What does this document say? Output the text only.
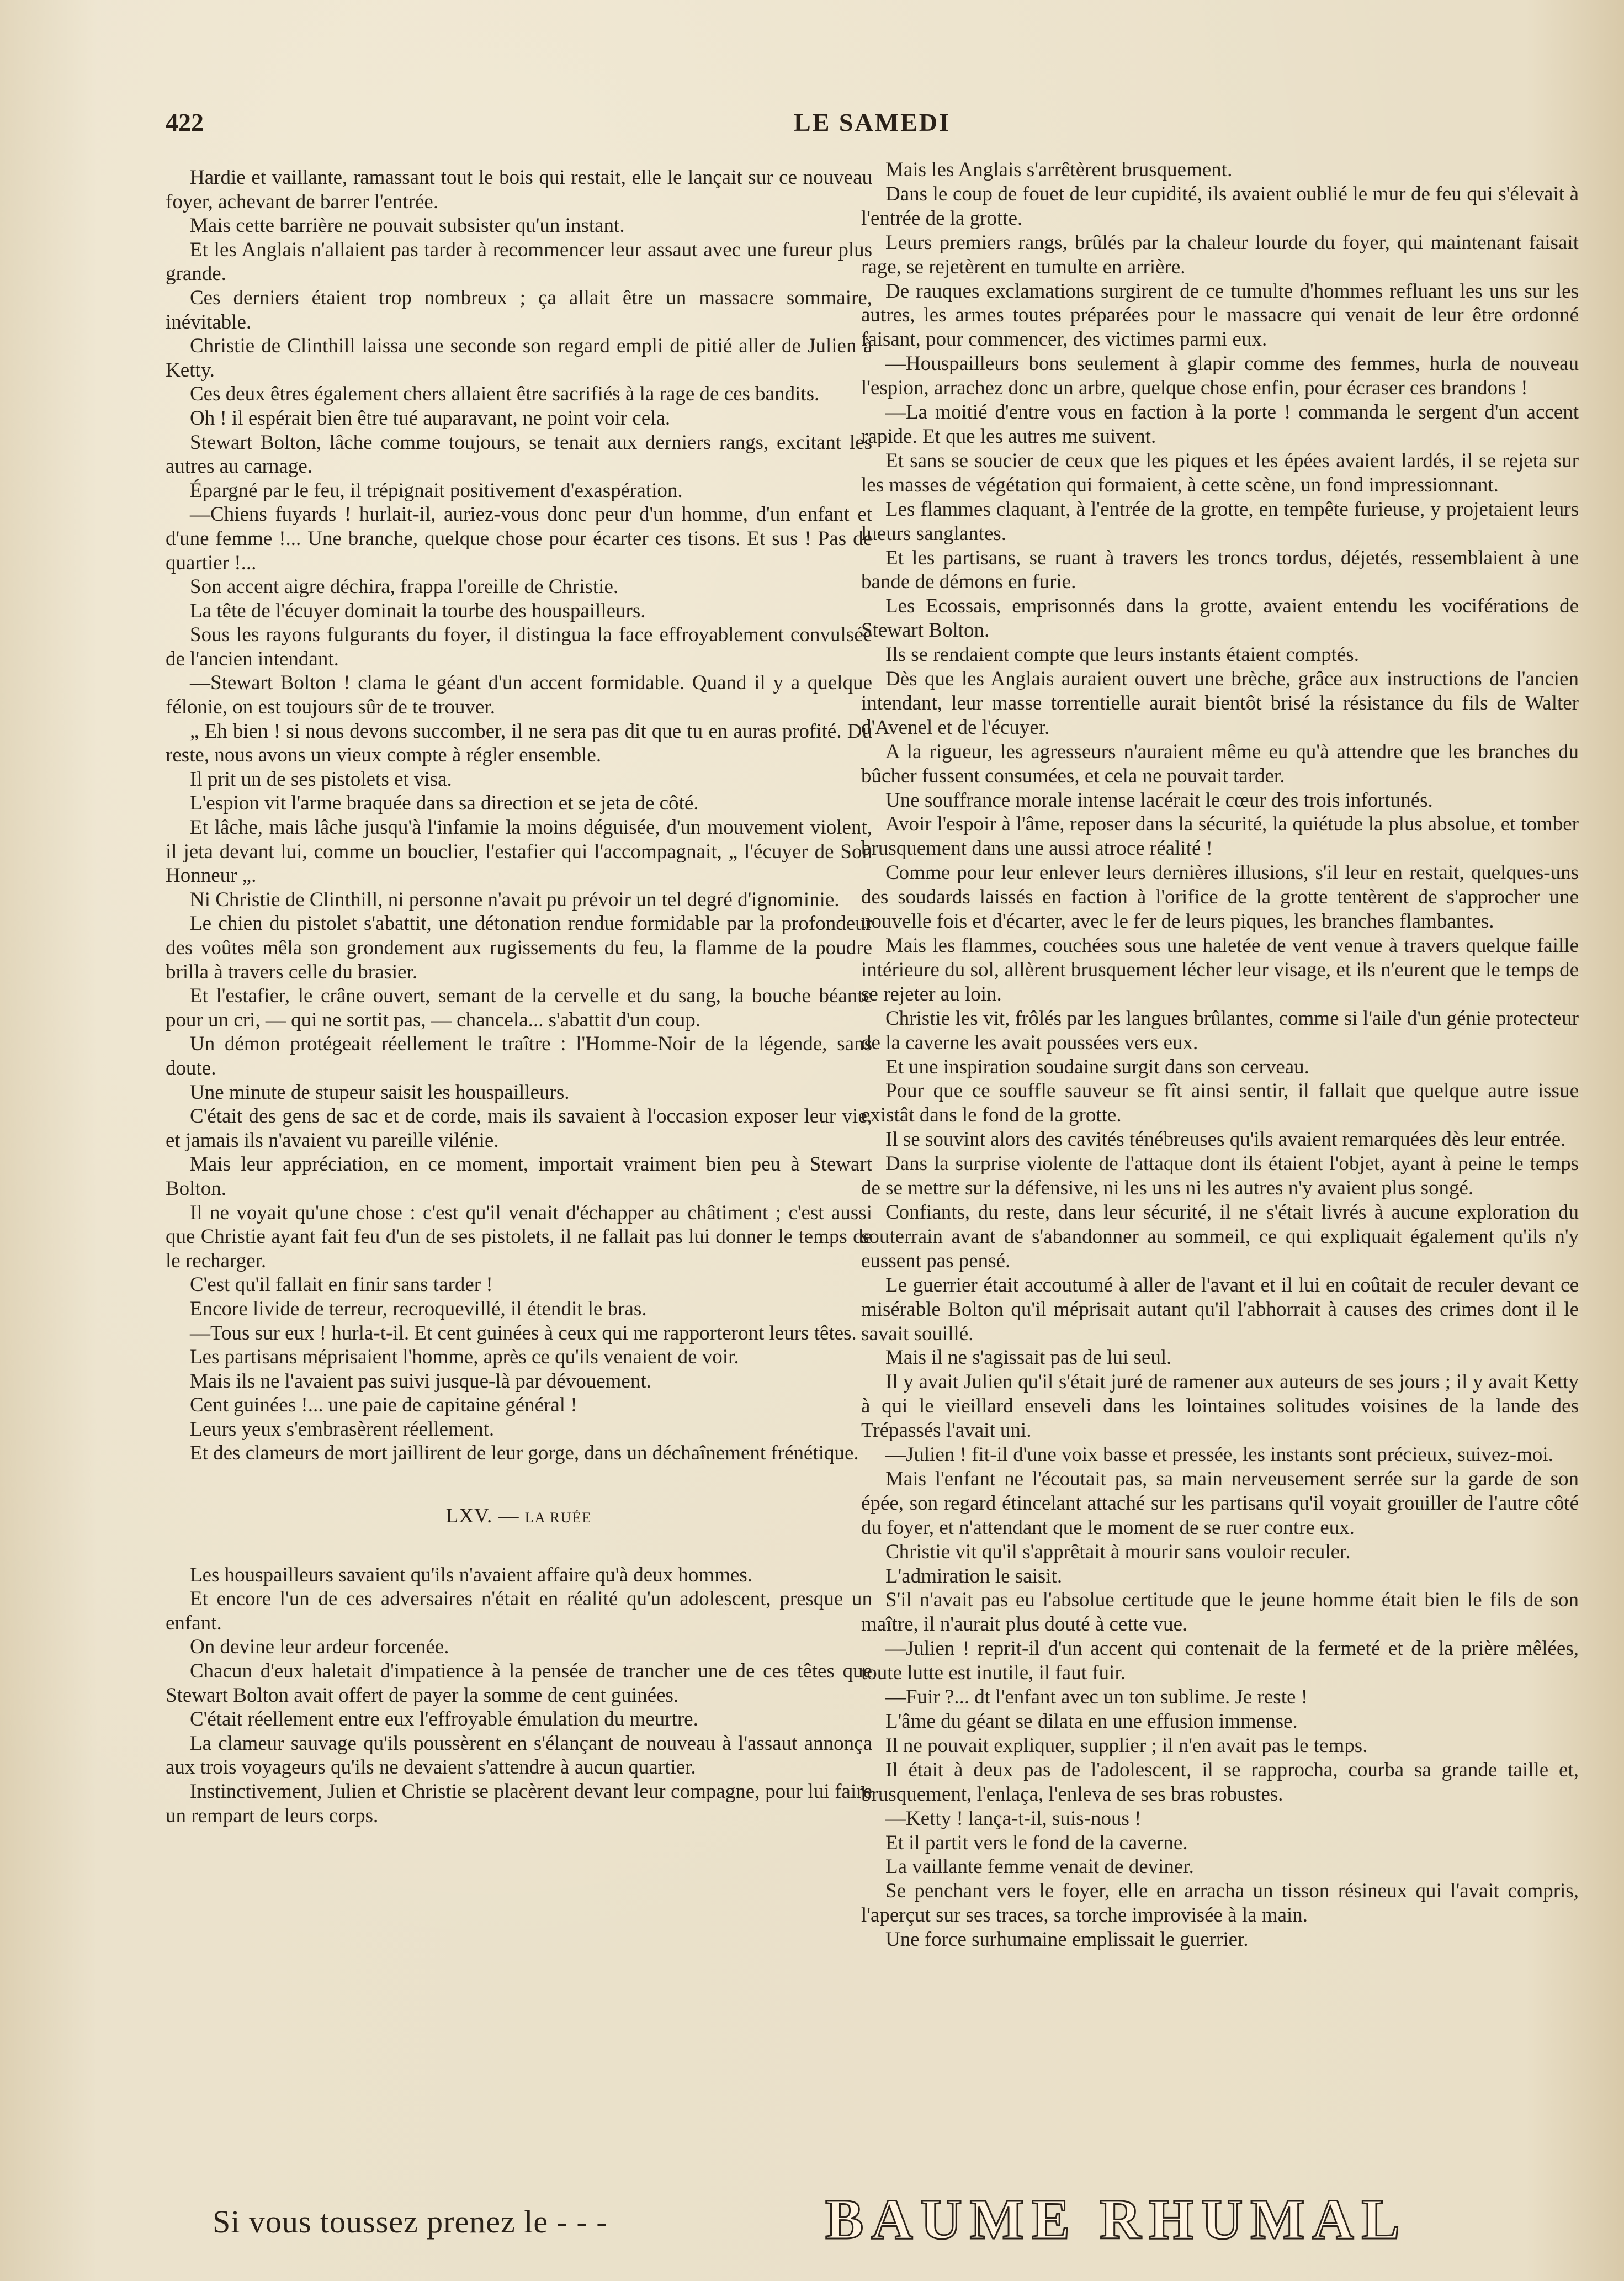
422	LE SAMEDI

Hardie et vaillante, ramassant tout le bois qui restait, elle le lançait sur ce nouveau foyer, achevant de barrer l'entrée.

Mais cette barrière ne pouvait subsister qu'un instant.

Et les Anglais n'allaient pas tarder à recommencer leur assaut avec une fureur plus grande.

Ces derniers étaient trop nombreux ; ça allait être un massacre sommaire, inévitable.

Christie de Clinthill laissa une seconde son regard empli de pitié aller de Julien à Ketty.

Ces deux êtres également chers allaient être sacrifiés à la rage de ces bandits.

Oh ! il espérait bien être tué auparavant, ne point voir cela.

Stewart Bolton, lâche comme toujours, se tenait aux derniers rangs, excitant les autres au carnage.

Épargné par le feu, il trépignait positivement d'exaspération.

—Chiens fuyards ! hurlait-il, auriez-vous donc peur d'un homme, d'un enfant et d'une femme !... Une branche, quelque chose pour écarter ces tisons. Et sus ! Pas de quartier !...

Son accent aigre déchira, frappa l'oreille de Christie.

La tête de l'écuyer dominait la tourbe des houspailleurs.

Sous les rayons fulgurants du foyer, il distingua la face effroyablement convulsée de l'ancien intendant.

—Stewart Bolton ! clama le géant d'un accent formidable. Quand il y a quelque félonie, on est toujours sûr de te trouver.

„ Eh bien ! si nous devons succomber, il ne sera pas dit que tu en auras profité. Du reste, nous avons un vieux compte à régler ensemble.

Il prit un de ses pistolets et visa.

L'espion vit l'arme braquée dans sa direction et se jeta de côté.

Et lâche, mais lâche jusqu'à l'infamie la moins déguisée, d'un mouvement violent, il jeta devant lui, comme un bouclier, l'estafier qui l'accompagnait, „ l'écuyer de Son Honneur „.

Ni Christie de Clinthill, ni personne n'avait pu prévoir un tel degré d'ignominie.

Le chien du pistolet s'abattit, une détonation rendue formidable par la profondeur des voûtes mêla son grondement aux rugissements du feu, la flamme de la poudre brilla à travers celle du brasier.

Et l'estafier, le crâne ouvert, semant de la cervelle et du sang, la bouche béante pour un cri, — qui ne sortit pas, — chancela... s'abattit d'un coup.

Un démon protégeait réellement le traître : l'Homme-Noir de la légende, sans doute.

Une minute de stupeur saisit les houspailleurs.

C'était des gens de sac et de corde, mais ils savaient à l'occasion exposer leur vie, et jamais ils n'avaient vu pareille vilénie.

Mais leur appréciation, en ce moment, importait vraiment bien peu à Stewart Bolton.

Il ne voyait qu'une chose : c'est qu'il venait d'échapper au châtiment ; c'est aussi que Christie ayant fait feu d'un de ses pistolets, il ne fallait pas lui donner le temps de le recharger.

C'est qu'il fallait en finir sans tarder !

Encore livide de terreur, recroquevillé, il étendit le bras.

—Tous sur eux ! hurla-t-il. Et cent guinées à ceux qui me rapporteront leurs têtes.

Les partisans méprisaient l'homme, après ce qu'ils venaient de voir.

Mais ils ne l'avaient pas suivi jusque-là par dévouement.

Cent guinées !... une paie de capitaine général !

Leurs yeux s'embrasèrent réellement.

Et des clameurs de mort jaillirent de leur gorge, dans un déchaînement frénétique.

LXV. — LA RUÉE

Les houspailleurs savaient qu'ils n'avaient affaire qu'à deux hommes.

Et encore l'un de ces adversaires n'était en réalité qu'un adolescent, presque un enfant.

On devine leur ardeur forcenée.

Chacun d'eux haletait d'impatience à la pensée de trancher une de ces têtes que Stewart Bolton avait offert de payer la somme de cent guinées.

C'était réellement entre eux l'effroyable émulation du meurtre.

La clameur sauvage qu'ils poussèrent en s'élançant de nouveau à l'assaut annonça aux trois voyageurs qu'ils ne devaient s'attendre à aucun quartier.

Instinctivement, Julien et Christie se placèrent devant leur compagne, pour lui faire un rempart de leurs corps.

Mais les Anglais s'arrêtèrent brusquement.

Dans le coup de fouet de leur cupidité, ils avaient oublié le mur de feu qui s'élevait à l'entrée de la grotte.

Leurs premiers rangs, brûlés par la chaleur lourde du foyer, qui maintenant faisait rage, se rejetèrent en tumulte en arrière.

De rauques exclamations surgirent de ce tumulte d'hommes refluant les uns sur les autres, les armes toutes préparées pour le massacre qui venait de leur être ordonné faisant, pour commencer, des victimes parmi eux.

—Houspailleurs bons seulement à glapir comme des femmes, hurla de nouveau l'espion, arrachez donc un arbre, quelque chose enfin, pour écraser ces brandons !

—La moitié d'entre vous en faction à la porte ! commanda le sergent d'un accent rapide. Et que les autres me suivent.

Et sans se soucier de ceux que les piques et les épées avaient lardés, il se rejeta sur les masses de végétation qui formaient, à cette scène, un fond impressionnant.

Les flammes claquant, à l'entrée de la grotte, en tempête furieuse, y projetaient leurs lueurs sanglantes.

Et les partisans, se ruant à travers les troncs tordus, déjetés, ressemblaient à une bande de démons en furie.

Les Ecossais, emprisonnés dans la grotte, avaient entendu les vociférations de Stewart Bolton.

Ils se rendaient compte que leurs instants étaient comptés.

Dès que les Anglais auraient ouvert une brèche, grâce aux instructions de l'ancien intendant, leur masse torrentielle aurait bientôt brisé la résistance du fils de Walter d'Avenel et de l'écuyer.

A la rigueur, les agresseurs n'auraient même eu qu'à attendre que les branches du bûcher fussent consumées, et cela ne pouvait tarder.

Une souffrance morale intense lacérait le cœur des trois infortunés.

Avoir l'espoir à l'âme, reposer dans la sécurité, la quiétude la plus absolue, et tomber brusquement dans une aussi atroce réalité !

Comme pour leur enlever leurs dernières illusions, s'il leur en restait, quelques-uns des soudards laissés en faction à l'orifice de la grotte tentèrent de s'approcher une nouvelle fois et d'écarter, avec le fer de leurs piques, les branches flambantes.

Mais les flammes, couchées sous une haletée de vent venue à travers quelque faille intérieure du sol, allèrent brusquement lécher leur visage, et ils n'eurent que le temps de se rejeter au loin.

Christie les vit, frôlés par les langues brûlantes, comme si l'aile d'un génie protecteur de la caverne les avait poussées vers eux.

Et une inspiration soudaine surgit dans son cerveau.

Pour que ce souffle sauveur se fît ainsi sentir, il fallait que quelque autre issue existât dans le fond de la grotte.

Il se souvint alors des cavités ténébreuses qu'ils avaient remarquées dès leur entrée.

Dans la surprise violente de l'attaque dont ils étaient l'objet, ayant à peine le temps de se mettre sur la défensive, ni les uns ni les autres n'y avaient plus songé.

Confiants, du reste, dans leur sécurité, il ne s'était livrés à aucune exploration du souterrain avant de s'abandonner au sommeil, ce qui expliquait également qu'ils n'y eussent pas pensé.

Le guerrier était accoutumé à aller de l'avant et il lui en coûtait de reculer devant ce misérable Bolton qu'il méprisait autant qu'il l'abhorrait à causes des crimes dont il le savait souillé.

Mais il ne s'agissait pas de lui seul.

Il y avait Julien qu'il s'était juré de ramener aux auteurs de ses jours ; il y avait Ketty à qui le vieillard enseveli dans les lointaines solitudes voisines de la lande des Trépassés l'avait uni.

—Julien ! fit-il d'une voix basse et pressée, les instants sont précieux, suivez-moi.

Mais l'enfant ne l'écoutait pas, sa main nerveusement serrée sur la garde de son épée, son regard étincelant attaché sur les partisans qu'il voyait grouiller de l'autre côté du foyer, et n'attendant que le moment de se ruer contre eux.

Christie vit qu'il s'apprêtait à mourir sans vouloir reculer.

L'admiration le saisit.

S'il n'avait pas eu l'absolue certitude que le jeune homme était bien le fils de son maître, il n'aurait plus douté à cette vue.

—Julien ! reprit-il d'un accent qui contenait de la fermeté et de la prière mêlées, toute lutte est inutile, il faut fuir.

—Fuir ?... dt l'enfant avec un ton sublime. Je reste !

L'âme du géant se dilata en une effusion immense.

Il ne pouvait expliquer, supplier ; il n'en avait pas le temps.

Il était à deux pas de l'adolescent, il se rapprocha, courba sa grande taille et, brusquement, l'enlaça, l'enleva de ses bras robustes.

—Ketty ! lança-t-il, suis-nous !

Et il partit vers le fond de la caverne.

La vaillante femme venait de deviner.

Se penchant vers le foyer, elle en arracha un tisson résineux qui l'avait compris, l'aperçut sur ses traces, sa torche improvisée à la main.

Une force surhumaine emplissait le guerrier.

Si vous toussez prenez le - - -	BAUME RHUMAL
